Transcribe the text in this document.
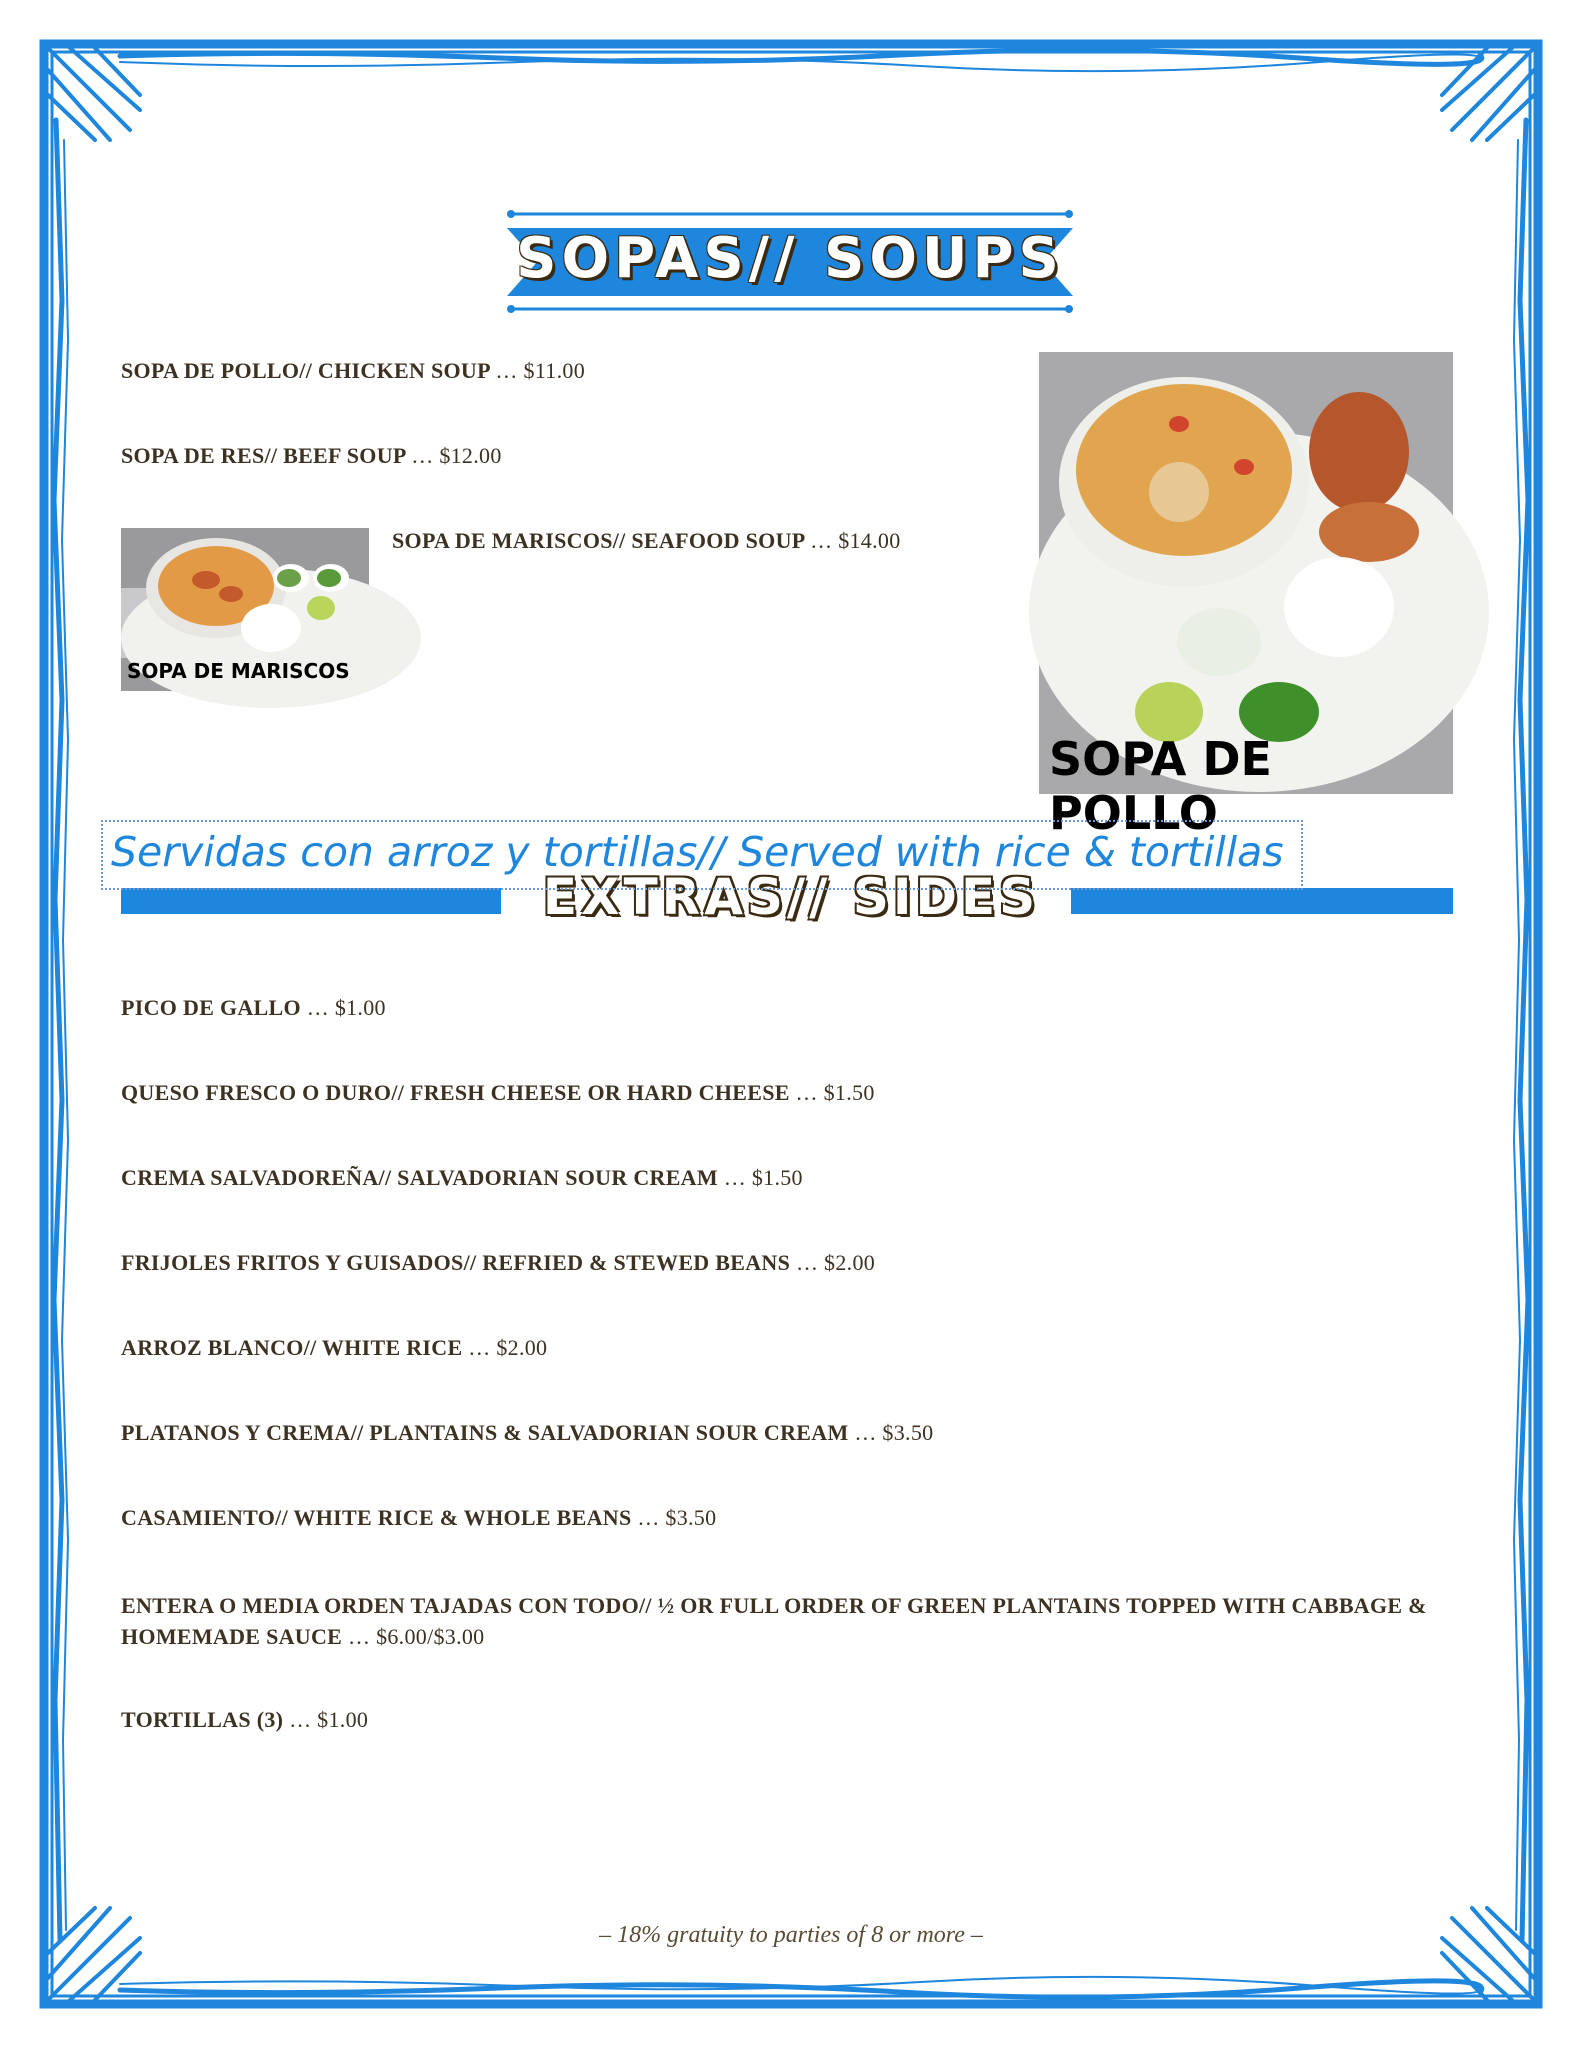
SOPAS// SOUPS
SOPA DE POLLO// CHICKEN SOUP … $11.00
SOPA DE RES// BEEF SOUP … $12.00
SOPA DE MARISCOS// SEAFOOD SOUP … $14.00
SOPA DE MARISCOS
SOPA DE POLLO
EXTRAS// SIDES
Servidas con arroz y tortillas// Served with rice & tortillas
PICO DE GALLO … $1.00
QUESO FRESCO O DURO// FRESH CHEESE OR HARD CHEESE … $1.50
CREMA SALVADOREÑA// SALVADORIAN SOUR CREAM … $1.50
FRIJOLES FRITOS Y GUISADOS// REFRIED & STEWED BEANS … $2.00
ARROZ BLANCO// WHITE RICE … $2.00
PLATANOS Y CREMA// PLANTAINS & SALVADORIAN SOUR CREAM … $3.50
CASAMIENTO// WHITE RICE & WHOLE BEANS … $3.50
ENTERA O MEDIA ORDEN TAJADAS CON TODO// ½ OR FULL ORDER OF GREEN PLANTAINS TOPPED WITH CABBAGE & HOMEMADE SAUCE … $6.00/$3.00
TORTILLAS (3) … $1.00
– 18% gratuity to parties of 8 or more –
